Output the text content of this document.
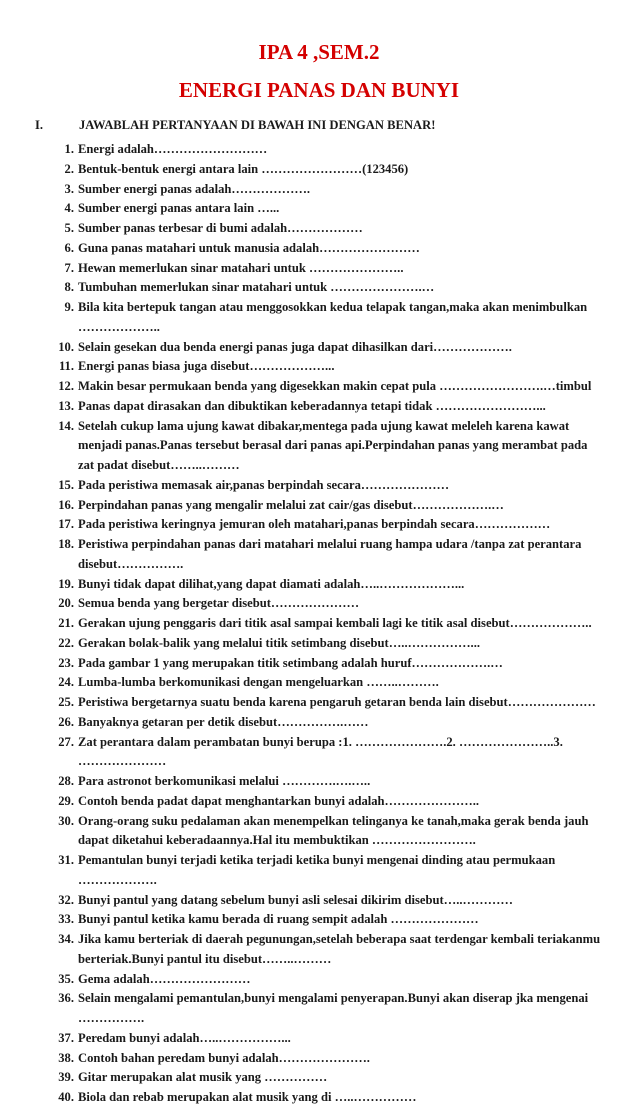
IPA 4 ,SEM.2
ENERGI PANAS DAN BUNYI
I.	JAWABLAH PERTANYAAN DI BAWAH INI DENGAN BENAR!
1. Energi adalah………………………
2. Bentuk-bentuk energi antara lain ……………………(123456)
3. Sumber energi panas adalah……………….
4. Sumber energi panas antara lain …...
5. Sumber panas terbesar di bumi adalah………………
6. Guna panas matahari untuk manusia adalah……………………
7. Hewan memerlukan sinar matahari untuk …………………..
8. Tumbuhan memerlukan sinar matahari untuk ………………….…
9. Bila kita bertepuk tangan atau menggosokkan kedua telapak tangan,maka akan menimbulkan ………………..
10. Selain gesekan dua benda energi panas juga dapat dihasilkan dari……………….
11. Energi panas biasa juga disebut………………...
12. Makin besar permukaan benda yang digesekkan makin cepat pula …………………….…timbul
13. Panas dapat dirasakan dan dibuktikan keberadannya tetapi tidak ……………………...
14. Setelah cukup lama ujung kawat dibakar,mentega pada ujung kawat meleleh karena kawat menjadi panas.Panas tersebut berasal dari panas api.Perpindahan panas yang merambat pada zat padat disebut……..………
15. Pada peristiwa memasak air,panas berpindah secara…………………
16. Perpindahan panas yang mengalir melalui zat cair/gas disebut……………….…
17. Pada peristiwa keringnya jemuran oleh matahari,panas berpindah secara………………
18. Peristiwa perpindahan panas dari matahari melalui ruang hampa udara /tanpa zat perantara disebut…………….
19. Bunyi tidak dapat dilihat,yang dapat diamati adalah…..………………...
20. Semua benda yang bergetar disebut…………………
21. Gerakan ujung penggaris dari titik asal sampai kembali lagi ke titik asal disebut………………..
22. Gerakan bolak-balik yang melalui titik setimbang disebut…..……………...
23. Pada gambar 1 yang merupakan titik setimbang adalah huruf……………….…
24. Lumba-lumba berkomunikasi dengan mengeluarkan ……..……….
25. Peristiwa bergetarnya suatu benda karena pengaruh getaran benda lain disebut…………………
26. Banyaknya getaran per detik disebut…………….……
27. Zat perantara dalam perambatan bunyi berupa :1. ………………….2. …………………..3. …………………
28. Para astronot berkomunikasi melalui ………….….…..
29. Contoh benda padat dapat menghantarkan bunyi adalah…………………..
30. Orang-orang suku pedalaman akan menempelkan telinganya ke tanah,maka gerak benda jauh dapat diketahui keberadaannya.Hal itu membuktikan …………………….
31. Pemantulan bunyi terjadi ketika terjadi ketika bunyi mengenai dinding atau permukaan ……………….
32. Bunyi pantul yang datang sebelum bunyi asli selesai dikirim disebut…..…………
33. Bunyi pantul ketika kamu berada di ruang sempit adalah …………………
34. Jika kamu berteriak di daerah pegunungan,setelah beberapa saat terdengar kembali teriakanmu berteriak.Bunyi pantul itu disebut……..………
35. Gema adalah……………………
36. Selain mengalami pemantulan,bunyi mengalami penyerapan.Bunyi akan diserap jka mengenai …………….
37. Peredam bunyi adalah…..……………...
38. Contoh bahan peredam bunyi adalah………………….
39. Gitar merupakan alat musik yang ……………
40. Biola dan rebab merupakan alat musik yang di …..……………
